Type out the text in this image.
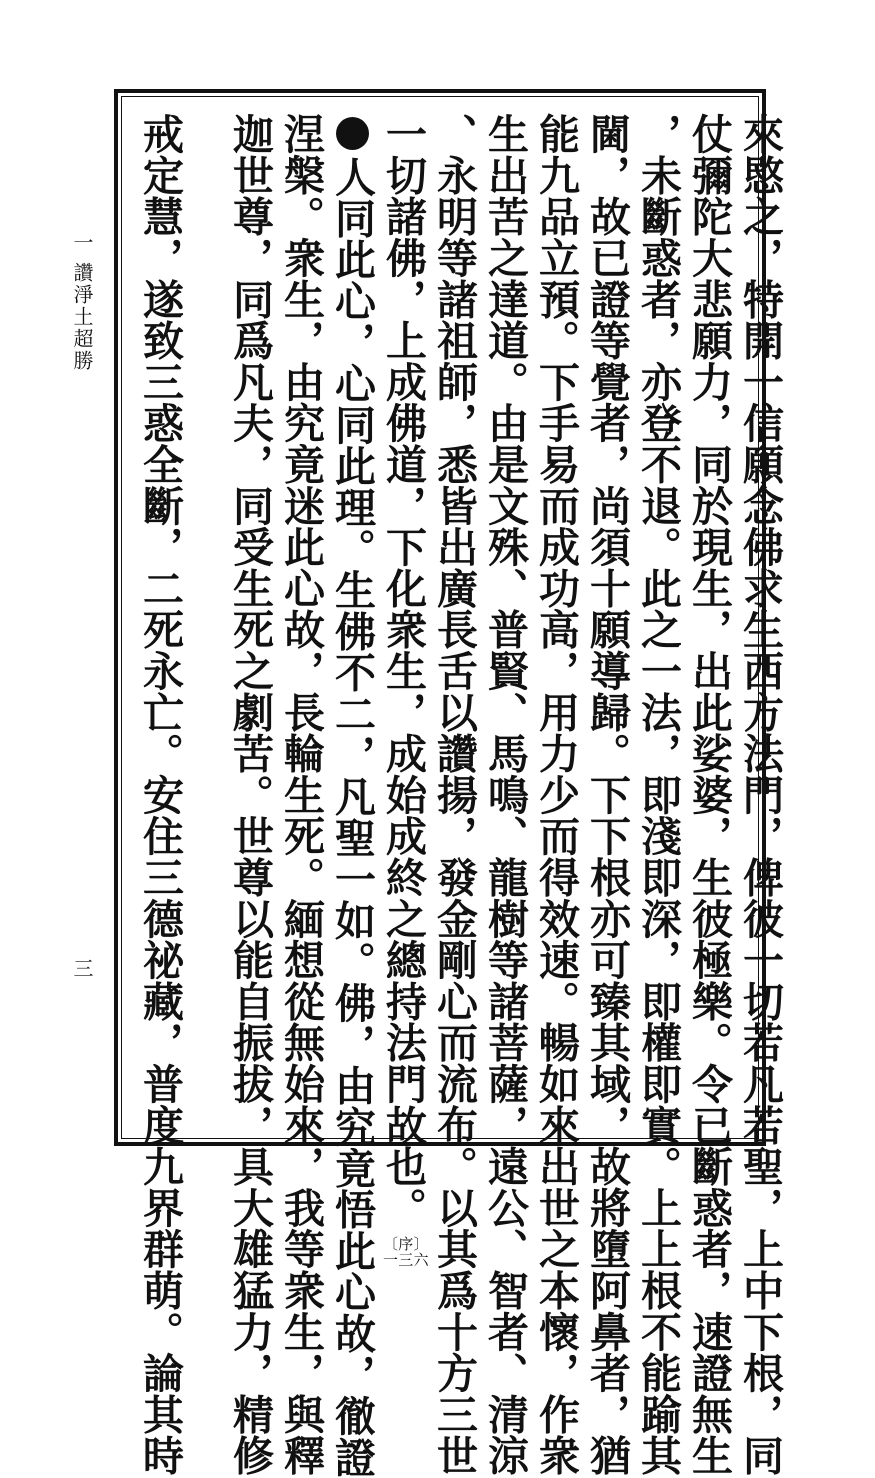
一
讚淨土超勝
三	來愍之，特開一信願念佛求生西方法門，俾彼一切若凡若聖，上中下根，同
仗彌陀大悲願力，同於現生，出此娑婆，生彼極樂。令已斷惑者，速證無生
，未斷惑者，亦登不退。此之一法，即淺即深，即權即實。上上根不能踰其
閫，故已證等覺者，尚須十願導歸。下下根亦可臻其域，故將墮阿鼻者，猶
能九品立預。下手易而成功高，用力少而得效速。暢如來出世之本懷，作衆
生出苦之達道。由是文殊、普賢、馬鳴、龍樹等諸菩薩，遠公、智者、清涼
、永明等諸祖師，悉皆出廣長舌以讚揚，發金剛心而流布。以其爲十方三世
一切諸佛，上成佛道，下化衆生，成始成終之總持法門故也。〔序〕
一三六
人同此心，心同此理。生佛不二，凡聖一如。佛，由究竟悟此心故，徹證
涅槃。衆生，由究竟迷此心故，長輪生死。緬想從無始來，我等衆生，與釋
迦世尊，同爲凡夫，同受生死之劇苦。世尊以能自振拔，具大雄猛力，精修
戒定慧，遂致三惑全斷，二死永亡。安住三德祕藏，普度九界群萌。論其時
